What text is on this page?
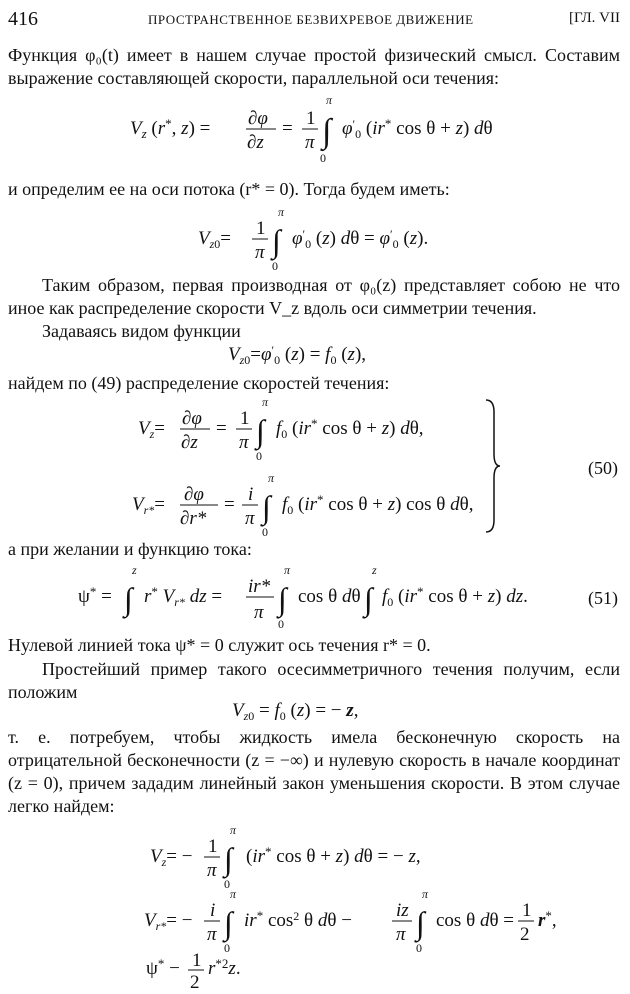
416	ПРОСТРАНСТВЕННОЕ БЕЗВИХРЕВОЕ ДВИЖЕНИЕ	[ГЛ. VII
Функция φ₀(t) имеет в нашем случае простой физический смысл. Составим выражение составляющей скорости, параллельной оси течения:
$V_z$ (r*, z) = ∂φ
∂z
= 1
π ∫
π
0
$\varphi'_0$ (ir* cos θ + z) dθ
и определим ее на оси потока (r* = 0). Тогда будем иметь:
$V_z0= 1$
π ∫
π
0
$\varphi'_0$ (z) $d\theta = \varphi'_0$ (z).
Таким образом, первая производная от φ₀(z) представляет собою не что иное как распределение скорости V_z вдоль оси симметрии течения.
Задаваясь видом функции
$V_z0=\varphi'_0$ $(z) = f_0$ (z),
найдем по (49) распределение скоростей течения:
$V_z= \partial\varphi$
∂z
= 1
π ∫
π
0
$f_0$ (ir* cos θ + z) dθ,
$V_{r*}= \partial\varphi$
∂r*
= i
π ∫
π
0
$f_0$ (ir* cos θ + z) cos θ dθ,
(50)
а при желании и функцию тока:
ψ* = ∫
z
r* $V_{r*}$ dz = ir*
π ∫
π
0
cos θ dθ ∫
z
$f_0$ (ir* cos θ + z) dz.	(51)
Нулевой линией тока ψ* = 0 служит ось течения r* = 0.
Простейший пример такого осесимметричного течения получим, если положим
$V_z0 = f_0$ (z) = − z,
т. е. потребуем, чтобы жидкость имела бесконечную скорость на отрицательной бесконечности (z = −∞) и нулевую скорость в начале координат (z = 0), причем зададим линейный закон уменьшения скорости. В этом случае легко найдем:
$V_z= - 1$
π ∫
π
0
(ir* cos θ + z) dθ = − z,
$V_{r*}= - i$
π ∫
π
0
ir* $\cos^2 \theta$ dθ − iz
π ∫
π
0
cos θ dθ = 1
2
r*,
ψ* − 1
2
$r^{*2}z$.
